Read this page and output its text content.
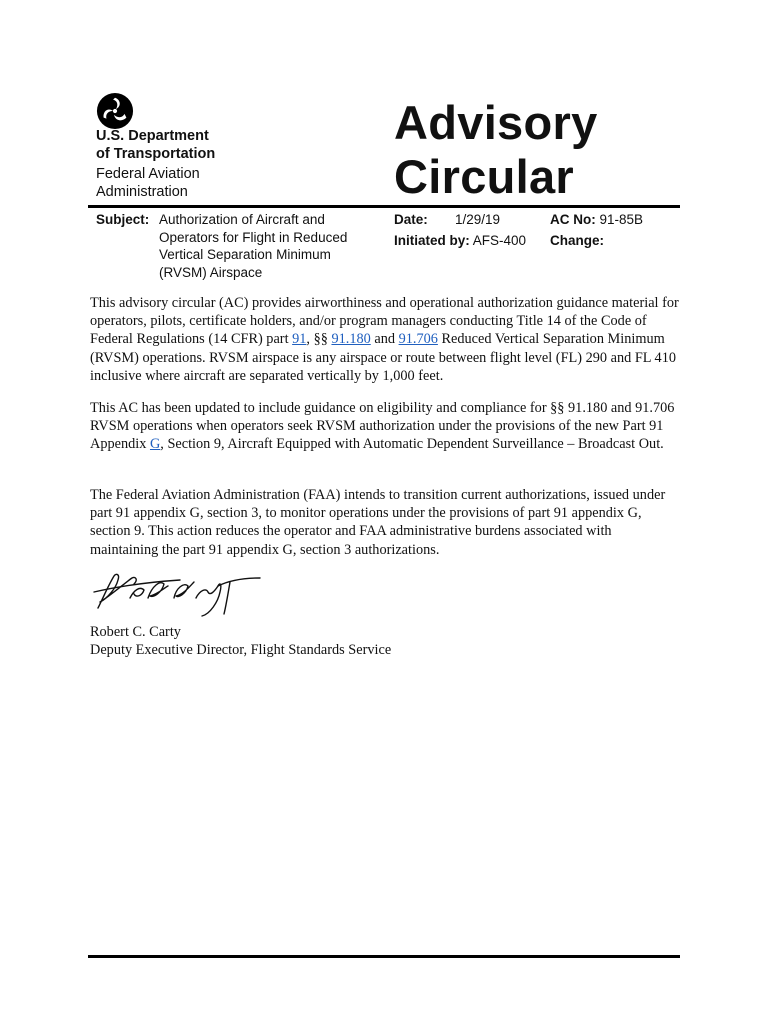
U.S. Department
of Transportation
Federal Aviation
Administration
Advisory
Circular
Subject: Authorization of Aircraft and
Operators for Flight in Reduced
Vertical Separation Minimum
(RVSM) Airspace
Date: 1/29/19
Initiated by: AFS-400
AC No: 91-85B
Change:
This advisory circular (AC) provides airworthiness and operational authorization guidance material for operators, pilots, certificate holders, and/or program managers conducting Title 14 of the Code of Federal Regulations (14 CFR) part 91, §§ 91.180 and 91.706 Reduced Vertical Separation Minimum (RVSM) operations. RVSM airspace is any airspace or route between flight level (FL) 290 and FL 410 inclusive where aircraft are separated vertically by 1,000 feet.
This AC has been updated to include guidance on eligibility and compliance for §§ 91.180 and 91.706 RVSM operations when operators seek RVSM authorization under the provisions of the new Part 91 Appendix G, Section 9, Aircraft Equipped with Automatic Dependent Surveillance – Broadcast Out.
The Federal Aviation Administration (FAA) intends to transition current authorizations, issued under part 91 appendix G, section 3, to monitor operations under the provisions of part 91 appendix G, section 9. This action reduces the operator and FAA administrative burdens associated with maintaining the part 91 appendix G, section 3 authorizations.
Robert C. Carty
Deputy Executive Director, Flight Standards Service
